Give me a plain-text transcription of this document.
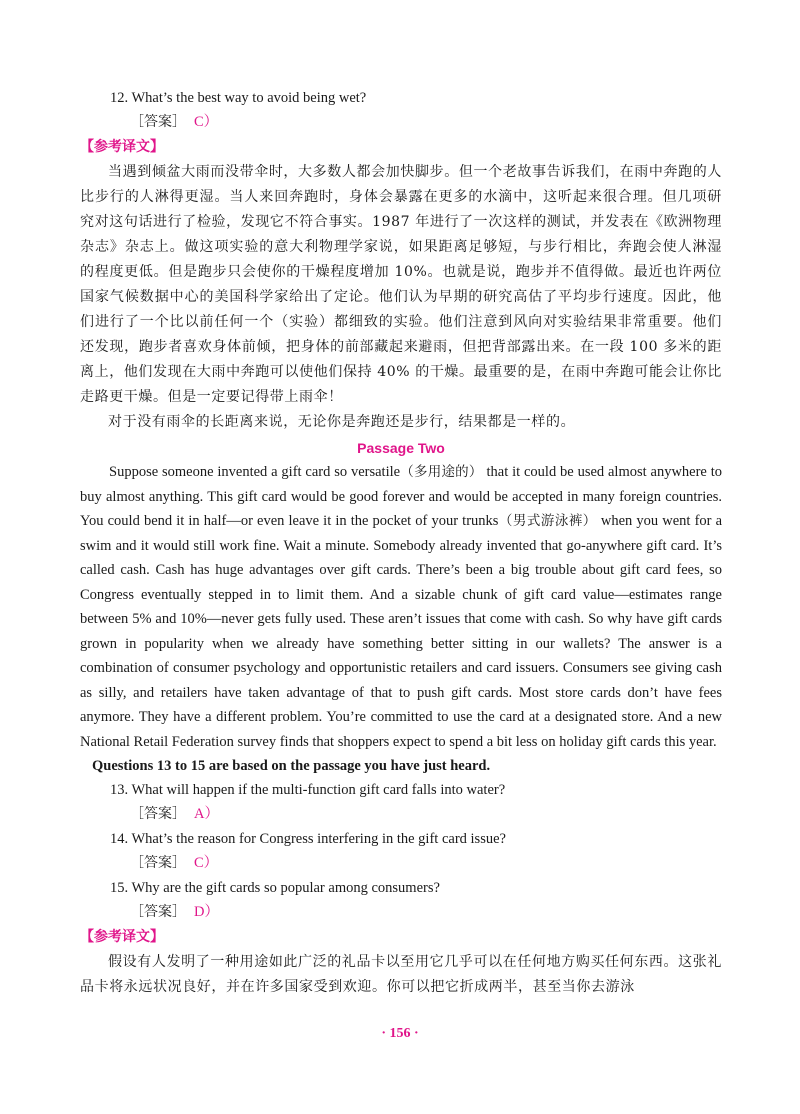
12. What’s the best way to avoid being wet?

［答案］ C）

【参考译文】

当遇到倾盆大雨而没带伞时，大多数人都会加快脚步。但一个老故事告诉我们，在雨中奔跑的人比步行的人淋得更湿。当人来回奔跑时，身体会暴露在更多的水滴中，这听起来很合理。但几项研究对这句话进行了检验，发现它不符合事实。1987 年进行了一次这样的测试，并发表在《欧洲物理杂志》杂志上。做这项实验的意大利物理学家说，如果距离足够短，与步行相比，奔跑会使人淋湿的程度更低。但是跑步只会使你的干燥程度增加 10%。也就是说，跑步并不值得做。最近也许两位国家气候数据中心的美国科学家给出了定论。他们认为早期的研究高估了平均步行速度。因此，他们进行了一个比以前任何一个（实验）都细致的实验。他们注意到风向对实验结果非常重要。他们还发现，跑步者喜欢身体前倾，把身体的前部藏起来避雨，但把背部露出来。在一段 100 多米的距离上，他们发现在大雨中奔跑可以使他们保持 40% 的干燥。最重要的是，在雨中奔跑可能会让你比走路更干燥。但是一定要记得带上雨伞！

对于没有雨伞的长距离来说，无论你是奔跑还是步行，结果都是一样的。

Passage Two

Suppose someone invented a gift card so versatile（多用途的） that it could be used almost anywhere to buy almost anything. This gift card would be good forever and would be accepted in many foreign countries. You could bend it in half—or even leave it in the pocket of your trunks（男式游泳裤） when you went for a swim and it would still work fine. Wait a minute. Somebody already invented that go-anywhere gift card. It’s called cash. Cash has huge advantages over gift cards. There’s been a big trouble about gift card fees, so Congress eventually stepped in to limit them. And a sizable chunk of gift card value—estimates range between 5% and 10%—never gets fully used. These aren’t issues that come with cash. So why have gift cards grown in popularity when we already have something better sitting in our wallets? The answer is a combination of consumer psychology and opportunistic retailers and card issuers. Consumers see giving cash as silly, and retailers have taken advantage of that to push gift cards. Most store cards don’t have fees anymore. They have a different problem. You’re committed to use the card at a designated store. And a new National Retail Federation survey finds that shoppers expect to spend a bit less on holiday gift cards this year.

Questions 13 to 15 are based on the passage you have just heard.

13. What will happen if the multi-function gift card falls into water?

［答案］ A）

14. What’s the reason for Congress interfering in the gift card issue?

［答案］ C）

15. Why are the gift cards so popular among consumers?

［答案］ D）

【参考译文】

假设有人发明了一种用途如此广泛的礼品卡以至用它几乎可以在任何地方购买任何东西。这张礼品卡将永远状况良好，并在许多国家受到欢迎。你可以把它折成两半，甚至当你去游泳

· 156 ·
